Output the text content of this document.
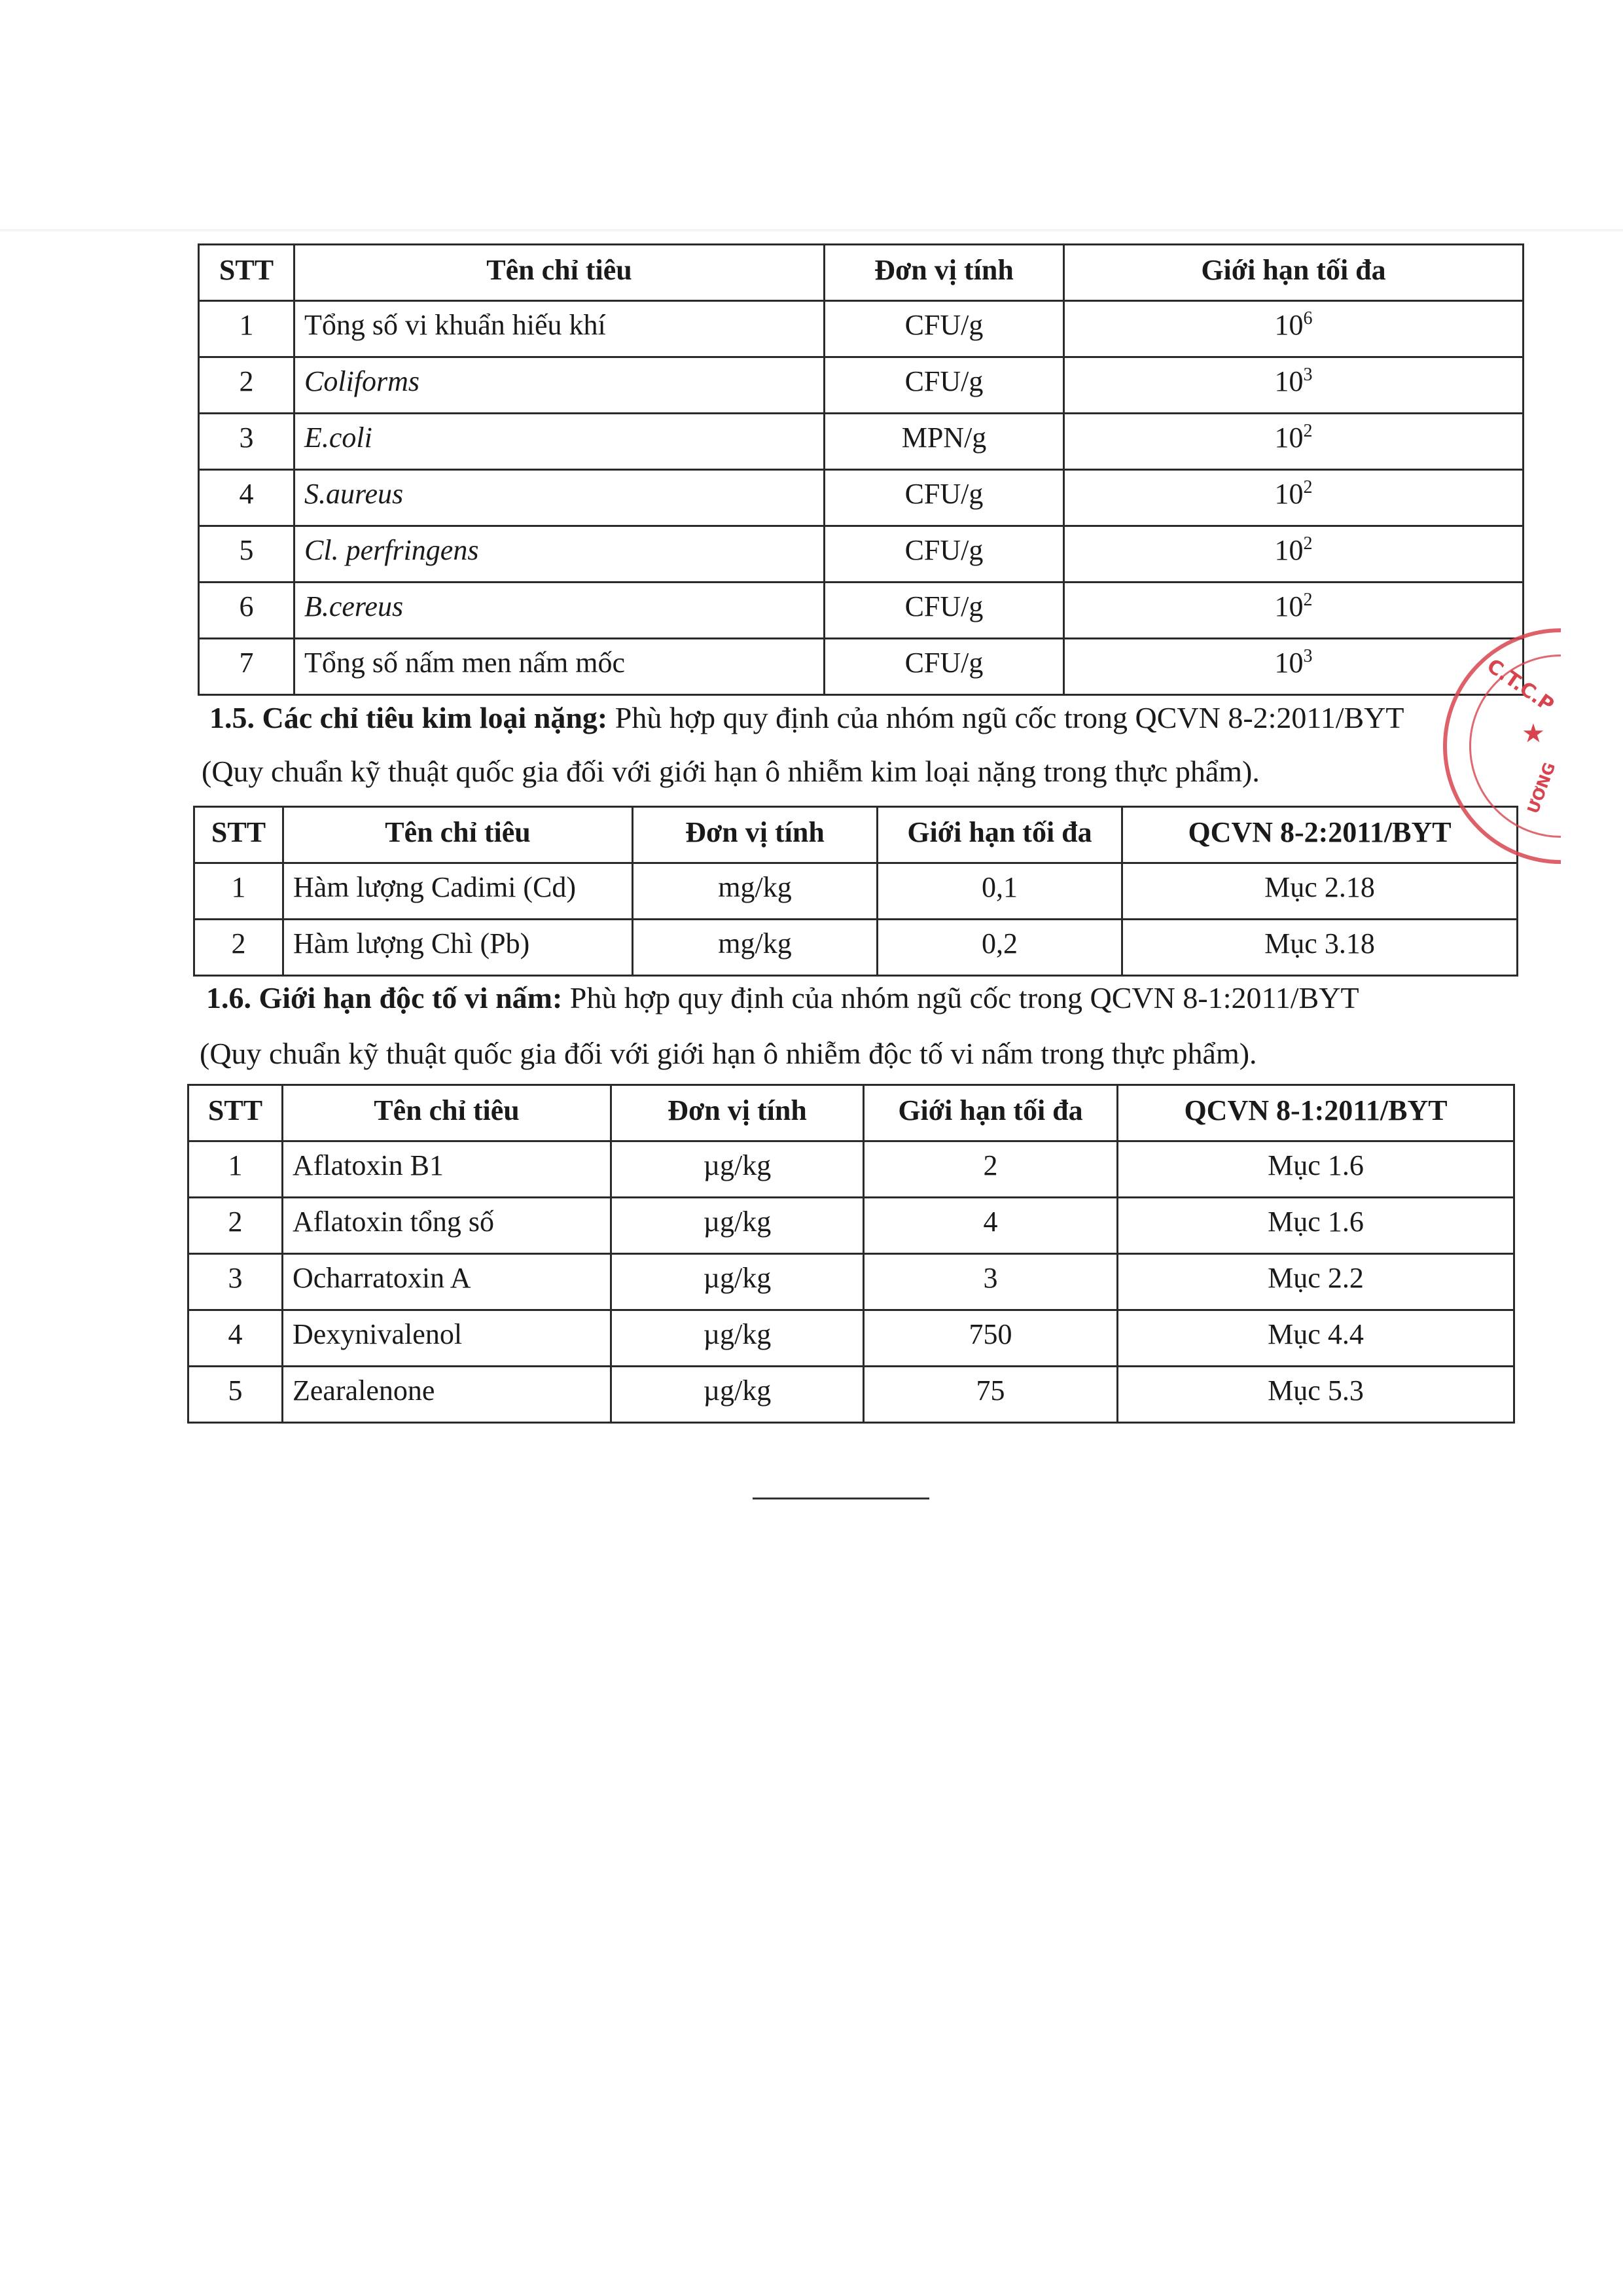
STT	Tên chỉ tiêu	Đơn vị tính	Giới hạn tối đa
1	Tổng số vi khuẩn hiếu khí	CFU/g	$10^6$
2	Coliforms	CFU/g	$10^3$
3	E.coli	MPN/g	$10^2$
4	S.aureus	CFU/g	$10^2$
5	Cl. perfringens	CFU/g	$10^2$
6	B.cereus	CFU/g	$10^2$
7	Tổng số nấm men nấm mốc	CFU/g	$10^3$
1.5. Các chỉ tiêu kim loại nặng: Phù hợp quy định của nhóm ngũ cốc trong QCVN 8-2:2011/BYT
(Quy chuẩn kỹ thuật quốc gia đối với giới hạn ô nhiễm kim loại nặng trong thực phẩm).
STT	Tên chỉ tiêu	Đơn vị tính	Giới hạn tối đa	QCVN 8-2:2011/BYT
1	Hàm lượng Cadimi (Cd)	mg/kg	0,1	Mục 2.18
2	Hàm lượng Chì (Pb)	mg/kg	0,2	Mục 3.18
1.6. Giới hạn độc tố vi nấm: Phù hợp quy định của nhóm ngũ cốc trong QCVN 8-1:2011/BYT
(Quy chuẩn kỹ thuật quốc gia đối với giới hạn ô nhiễm độc tố vi nấm trong thực phẩm).
STT	Tên chỉ tiêu	Đơn vị tính	Giới hạn tối đa	QCVN 8-1:2011/BYT
1	Aflatoxin B1	µg/kg	2	Mục 1.6
2	Aflatoxin tổng số	µg/kg	4	Mục 1.6
3	Ocharratoxin A	µg/kg	3	Mục 2.2
4	Dexynivalenol	µg/kg	750	Mục 4.4
5	Zearalenone	µg/kg	75	Mục 5.3
★
C.T.C.P
ƯƠNG
